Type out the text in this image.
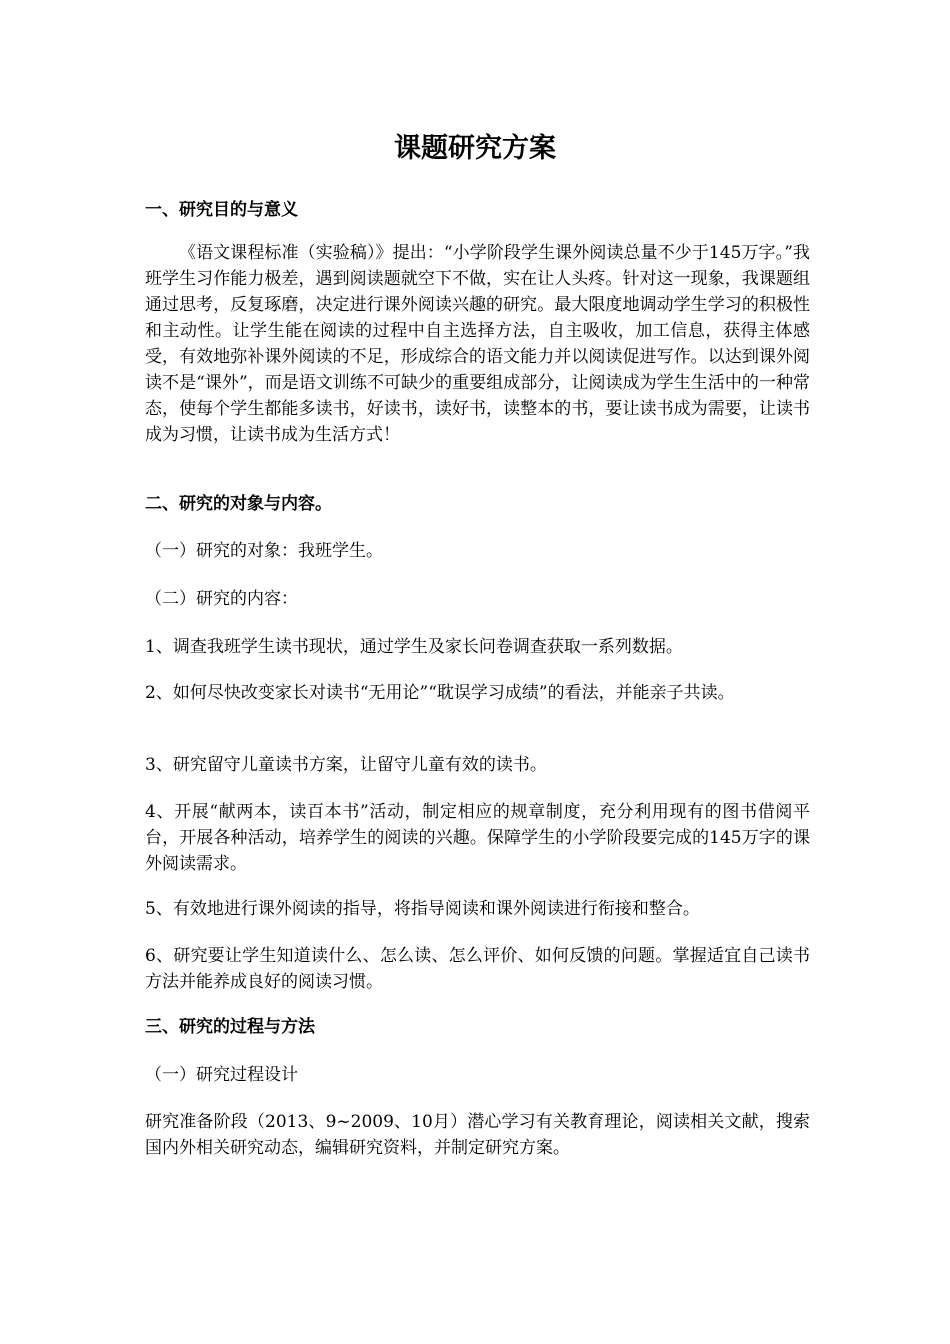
课题研究方案
一、研究目的与意义

《语文课程标准（实验稿）》提出：“小学阶段学生课外阅读总量不少于145万字。”我班学生习作能力极差，遇到阅读题就空下不做，实在让人头疼。针对这一现象，我课题组通过思考，反复琢磨，决定进行课外阅读兴趣的研究。最大限度地调动学生学习的积极性和主动性。让学生能在阅读的过程中自主选择方法，自主吸收，加工信息，获得主体感受，有效地弥补课外阅读的不足，形成综合的语文能力并以阅读促进写作。以达到课外阅读不是“课外”，而是语文训练不可缺少的重要组成部分，让阅读成为学生生活中的一种常态，使每个学生都能多读书，好读书，读好书，读整本的书，要让读书成为需要，让读书成为习惯，让读书成为生活方式！

二、研究的对象与内容。

（一）研究的对象：我班学生。

（二）研究的内容：

1、调查我班学生读书现状，通过学生及家长问卷调查获取一系列数据。

2、如何尽快改变家长对读书“无用论”“耽误学习成绩”的看法，并能亲子共读。

3、研究留守儿童读书方案，让留守儿童有效的读书。

4、开展“献两本，读百本书”活动，制定相应的规章制度，充分利用现有的图书借阅平台，开展各种活动，培养学生的阅读的兴趣。保障学生的小学阶段要完成的145万字的课外阅读需求。

5、有效地进行课外阅读的指导，将指导阅读和课外阅读进行衔接和整合。

6、研究要让学生知道读什么、怎么读、怎么评价、如何反馈的问题。掌握适宜自己读书方法并能养成良好的阅读习惯。

三、研究的过程与方法

（一）研究过程设计

研究准备阶段（2013、9~2009、10月）潜心学习有关教育理论，阅读相关文献，搜索国内外相关研究动态，编辑研究资料，并制定研究方案。
